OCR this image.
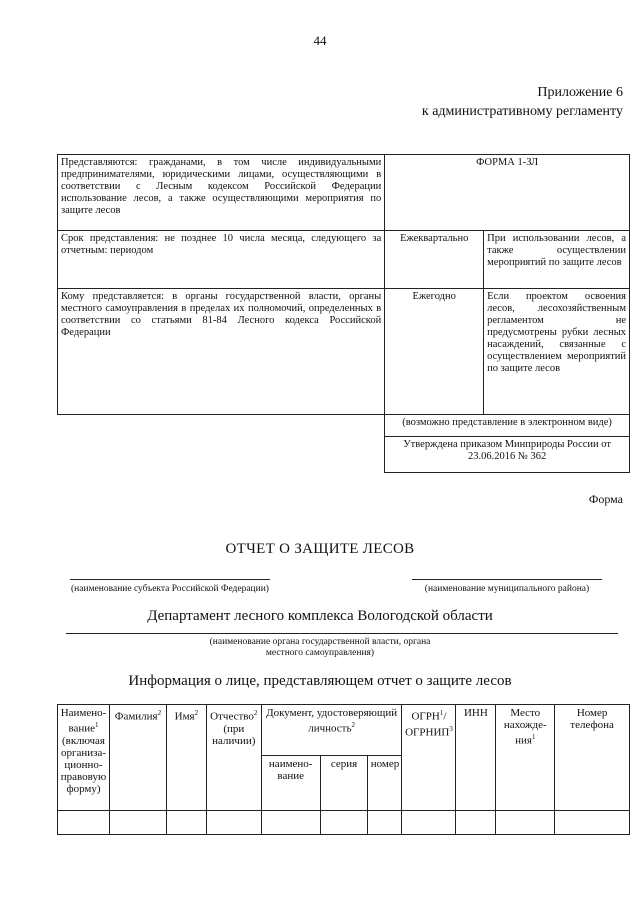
44
Приложение 6
к административному регламенту
Представляются: гражданами, в том числе индивидуальными предпринимателями, юридическими лицами, осуществляющими в соответствии с Лесным кодексом Российской Федерации использование лесов, а также осуществляющими мероприятия по защите лесов	ФОРМА 1-ЗЛ	
Срок представления: не позднее 10 числа месяца, следующего за отчетным: периодом	Ежеквартально	При использовании лесов, а также осуществлении мероприятий по защите лесов
Кому представляется: в органы государственной власти, органы местного самоуправления в пределах их полномочий, определенных в соответствии со статьями 81-84 Лесного кодекса Российской Федерации	Ежегодно	Если проектом освоения лесов, лесохозяйственным регламентом не предусмотрены рубки лесных насаждений, связанные с осуществлением мероприятий по защите лесов
	(возможно представление в электронном виде)	
	Утверждена приказом Минприроды России от 23.06.2016 № 362	
Форма
ОТЧЕТ О ЗАЩИТЕ ЛЕСОВ
(наименование субъекта Российской Федерации)	(наименование муниципального района)
Департамент лесного комплекса Вологодской области
(наименование органа государственной власти, органа местного самоуправления)
Информация о лице, представляющем отчет о защите лесов
Наимено-вание$^1$ (включая организа-ционно-правовую форму)	Фамилия$^2$	Имя$^2$	Отчество$^2$ (при наличии)	Документ, удостоверяющий личность$^2$			ОГРН$^1$/ ОГРНИП$^3$	ИНН	Место нахожде-ния$^1$	Номер телефона
				наимено-вание	серия	номер				
